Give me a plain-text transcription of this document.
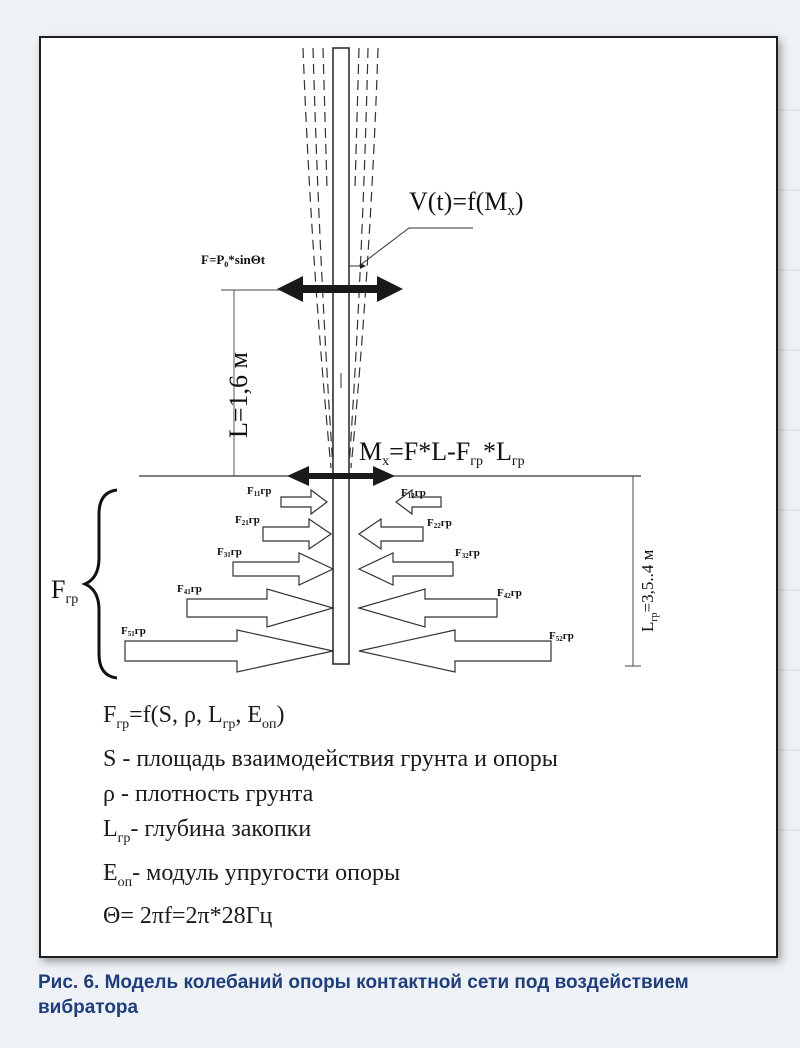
V(t)=f(Mx)
$F=P_0*\sin\Theta t$
L=1,6 м
Mx=F*L-Fгр*Lгр
$L_{гр}=3,5..4$ м
Fгр
F11гр
F21гр
F31гр
F41гр
F51гр
F12гр
F22гр
F32гр
F42гр
F52гр
$F_{гр}=f(S$, ρ, $L_{гр}$, $E_{оп}$)
S - площадь взаимодействия грунта и опоры
ρ - плотность грунта
$L_{гр}-$ глубина закопки
$E_{оп}-$ модуль упругости опоры
Θ= 2πf=2π*28Гц
Рис. 6. Модель колебаний опоры контактной сети под воздействием вибратора
